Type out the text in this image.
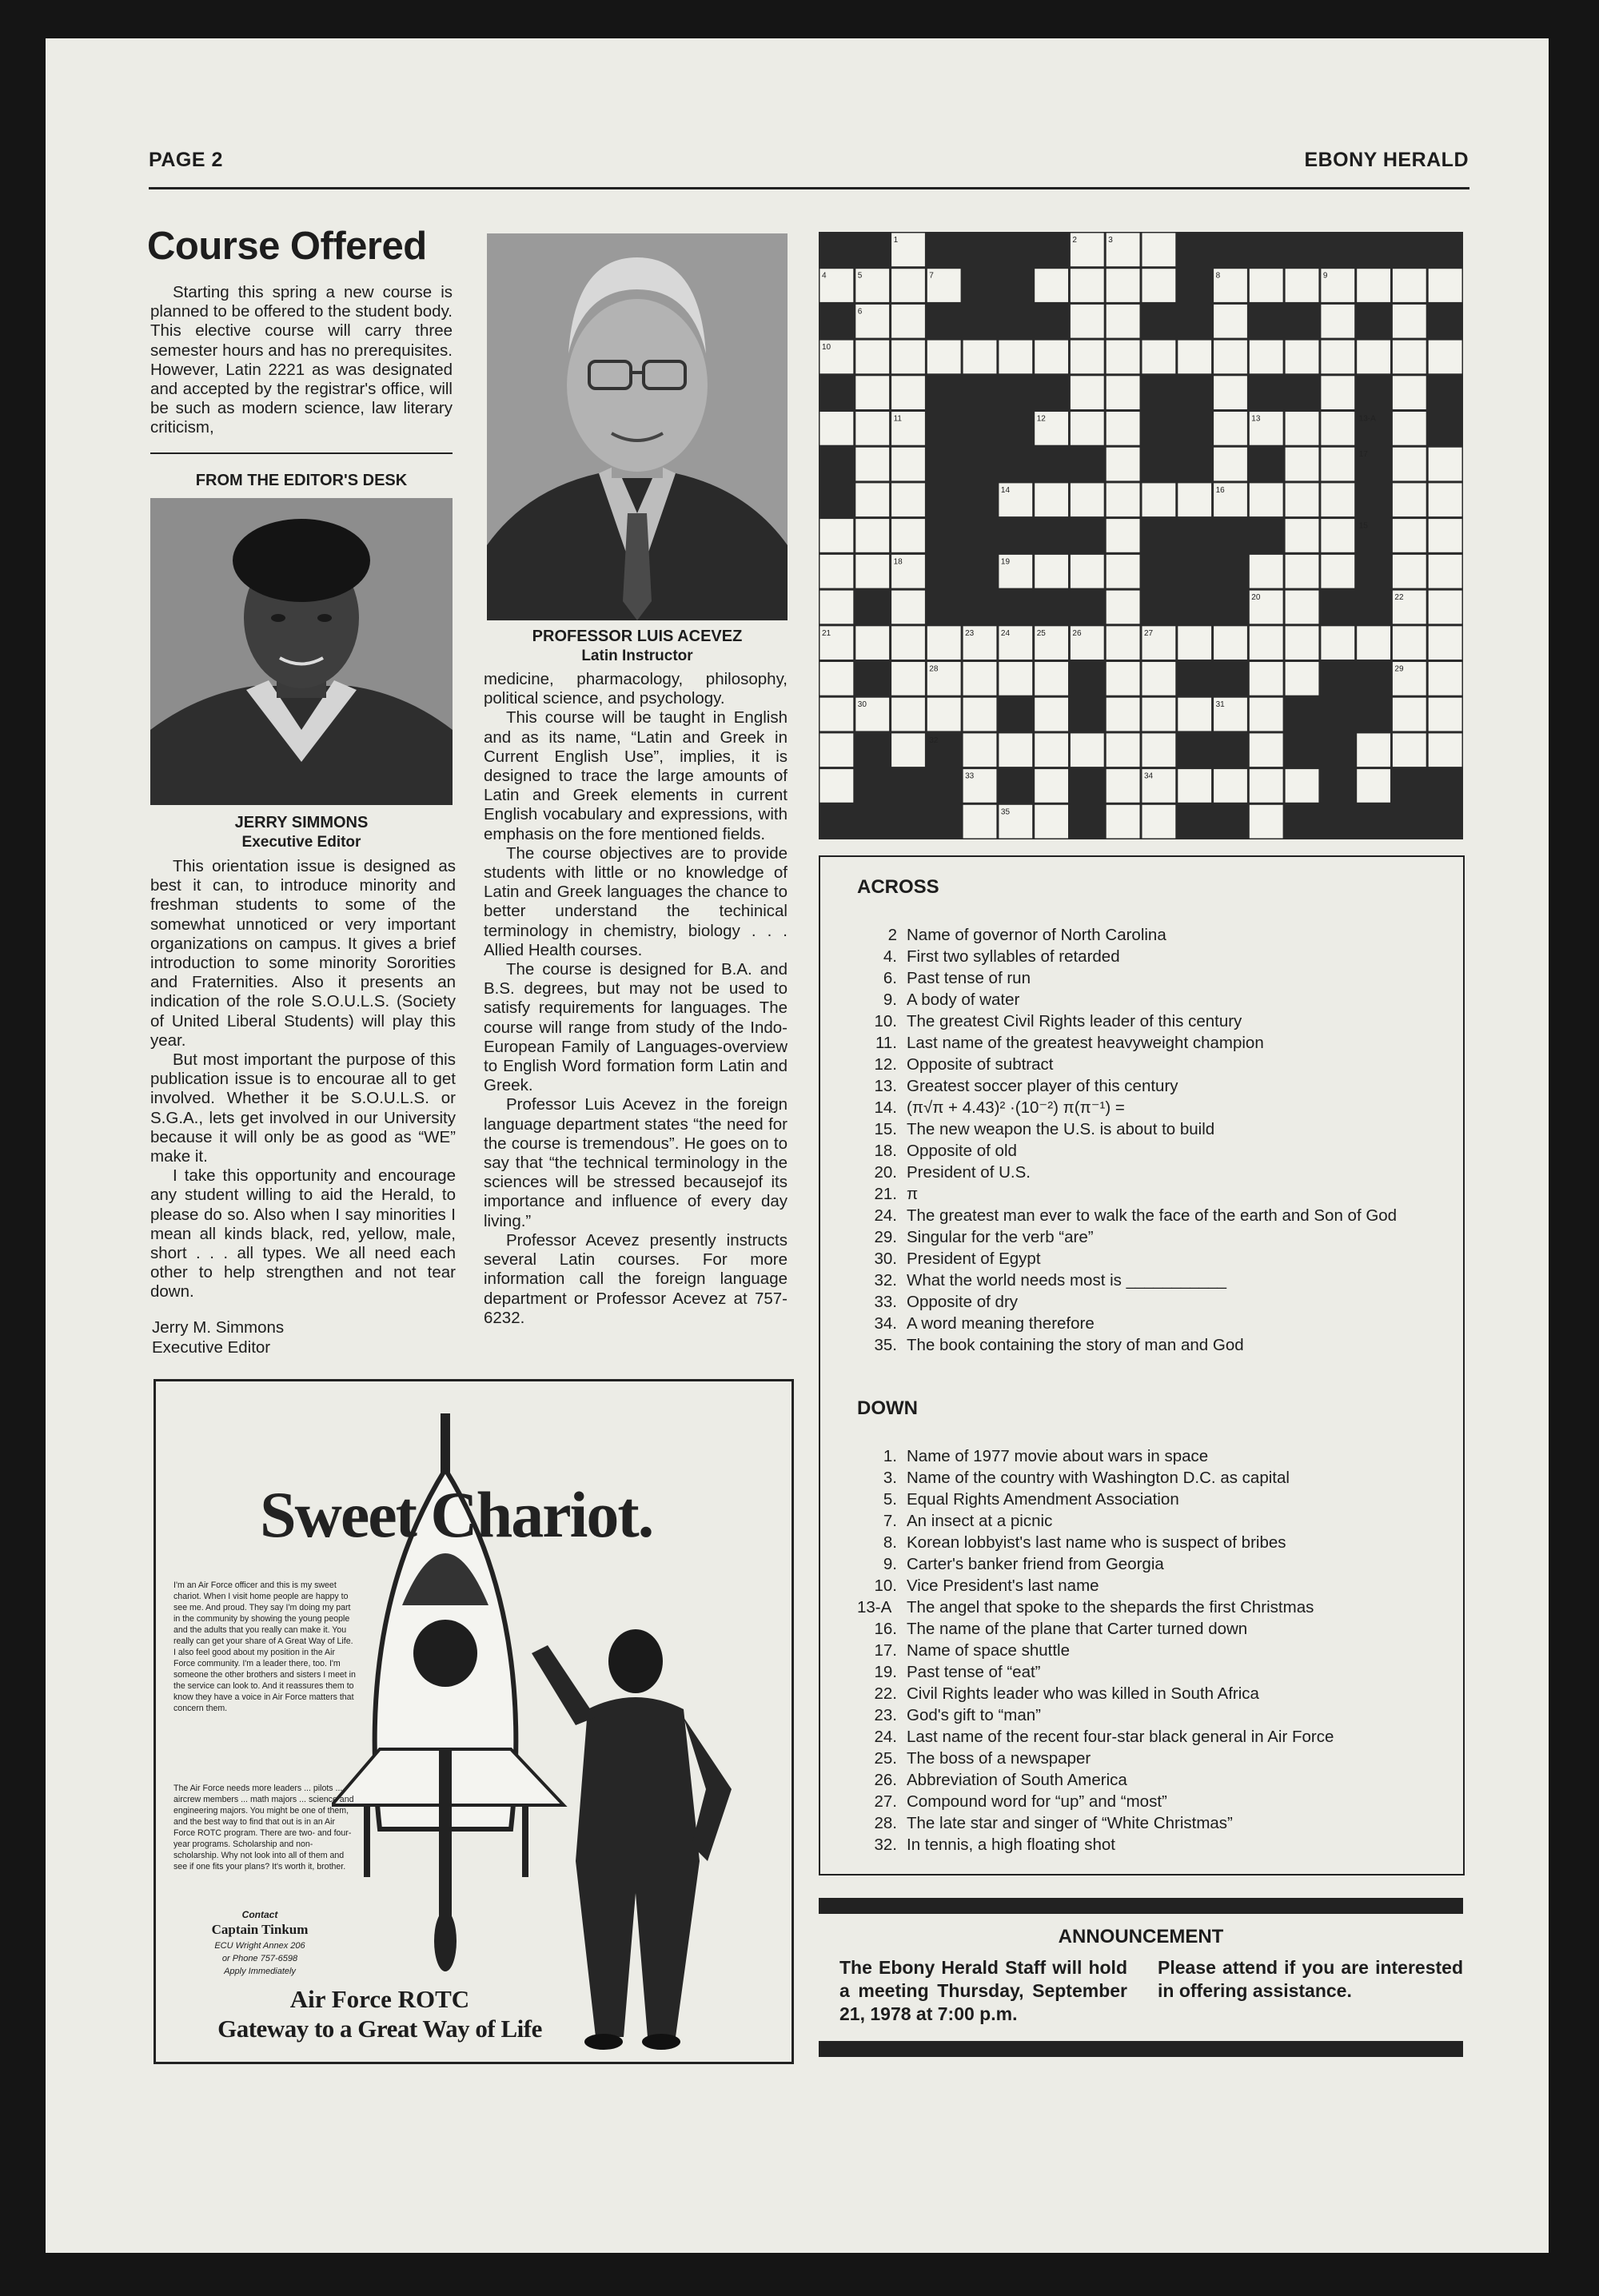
PAGE 2	EBONY HERALD
Course Offered

Starting this spring a new course is planned to be offered to the student body. This elective course will carry three semester hours and has no prerequisites. However, Latin 2221 as was designated and accepted by the registrar's office, will be such as modern science, law literary criticism,

FROM THE EDITOR'S DESK
JERRY SIMMONS
Executive Editor

This orientation issue is designed as best it can, to introduce minority and freshman students to some of the somewhat unnoticed or very important organizations on campus. It gives a brief introduction to some minority Sororities and Fraternities. Also it presents an indication of the role S.O.U.L.S. (Society of United Liberal Students) will play this year.

But most important the purpose of this publication issue is to encourae all to get involved. Whether it be S.O.U.L.S. or S.G.A., lets get involved in our University because it will only be as good as “WE” make it.

I take this opportunity and encourage any student willing to aid the Herald, to please do so. Also when I say minorities I mean all kinds black, red, yellow, male, short . . . all types. We all need each other to help strengthen and not tear down.

Jerry M. Simmons
Executive Editor
PROFESSOR LUIS ACEVEZ
Latin Instructor

medicine, pharmacology, philosophy, political science, and psychology.

This course will be taught in English and as its name, “Latin and Greek in Current English Use”, implies, it is designed to trace the large amounts of Latin and Greek elements in current English vocabulary and expressions, with emphasis on the fore mentioned fields.

The course objectives are to provide students with little or no knowledge of Latin and Greek languages the chance to better understand the techinical terminology in chemistry, biology . . . Allied Health courses.

The course is designed for B.A. and B.S. degrees, but may not be used to satisfy requirements for languages. The course will range from study of the Indo-European Family of Languages-overview to English Word formation form Latin and Greek.

Professor Luis Acevez in the foreign language department states “the need for the course is tremendous”. He goes on to say that “the technical terminology in the sciences will be stressed becausejof its importance and influence of every day living.”

Professor Acevez presently instructs several Latin courses. For more information call the foreign language department or Professor Acevez at 757-6232.

Sweet Chariot.
I'm an Air Force officer and this is my sweet chariot. When I visit home people are happy to see me. And proud. They say I'm doing my part in the community by showing the young people and the adults that you really can make it. You really can get your share of A Great Way of Life. I also feel good about my position in the Air Force community. I'm a leader there, too. I'm someone the other brothers and sisters I meet in the service can look to. And it reassures them to know they have a voice in Air Force matters that concern them.
The Air Force needs more leaders ... pilots ... aircrew members ... math majors ... science and engineering majors. You might be one of them, and the best way to find that out is in an Air Force ROTC program. There are two- and four-year programs. Scholarship and non-scholarship. Why not look into all of them and see if one fits your plans? It's worth it, brother.
Contact
Captain Tinkum
ECU Wright Annex 206
or Phone 757-6598
Apply Immediately
Air Force ROTC
Gateway to a Great Way of Life
1	2	3
4	5	7	8	9
6
10
11	12	13	13-A
17
14	16
15
18	19
20	22
21	23	24	25	26	27
28	29
30	31
32
33	34
35
ACROSS
2 Name of governor of North Carolina
4. First two syllables of retarded
6. Past tense of run
9. A body of water
10. The greatest Civil Rights leader of this century
11. Last name of the greatest heavyweight champion
12. Opposite of subtract
13. Greatest soccer player of this century
14. (π√π + 4.43)² ·(10⁻²) π(π⁻¹) =
15. The new weapon the U.S. is about to build
18. Opposite of old
20. President of U.S.
21. π
24. The greatest man ever to walk the face of the earth and Son of God
29. Singular for the verb “are”
30. President of Egypt
32. What the world needs most is ___________
33. Opposite of dry
34. A word meaning therefore
35. The book containing the story of man and God
DOWN
1. Name of 1977 movie about wars in space
3. Name of the country with Washington D.C. as capital
5. Equal Rights Amendment Association
7. An insect at a picnic
8. Korean lobbyist's last name who is suspect of bribes
9. Carter's banker friend from Georgia
10. Vice President's last name
13-A The angel that spoke to the shepards the first Christmas
16. The name of the plane that Carter turned down
17. Name of space shuttle
19. Past tense of “eat”
22. Civil Rights leader who was killed in South Africa
23. God's gift to “man”
24. Last name of the recent four-star black general in Air Force
25. The boss of a newspaper
26. Abbreviation of South America
27. Compound word for “up” and “most”
28. The late star and singer of “White Christmas”
32. In tennis, a high floating shot
ANNOUNCEMENT
The Ebony Herald Staff will hold a meeting Thursday, September 21, 1978 at 7:00 p.m.
Please attend if you are interested in offering assistance.
